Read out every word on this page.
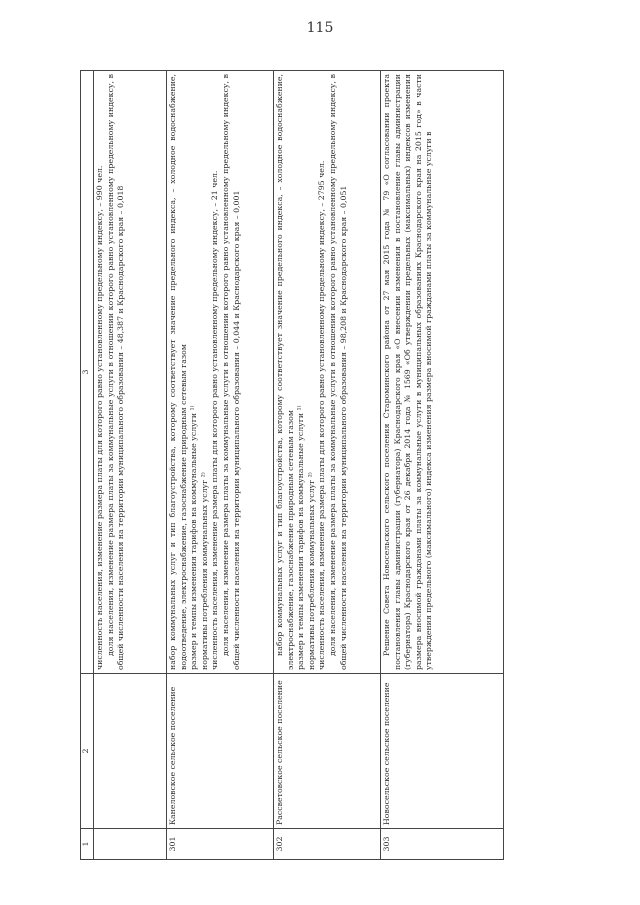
115
1	2	3

		численность населения, изменение размера платы для которого равно установленному предельному индексу, – 990 чел. доля населения, изменение размера платы за коммунальные услуги в отношении которого равно установленному предельному индексу, в общей численности населения на территории муниципального образования – 48,387 и Краснодарского края – 0,018

301	Канеловское сельское поселение	набор коммунальных услуг и тип благоустройства, которому соответствует значение предельного индекса, – холодное водоснабжение, водоотведение, электроснабжение, газоснабжение природным сетевым газом размер и темпы изменения тарифов на коммунальные услуги ¹⁾ нормативы потребления коммунальных услуг ²⁾ численность населения, изменение размера платы для которого равно установленному предельному индексу, – 21 чел. доля населения, изменение размера платы за коммунальные услуги в отношении которого равно установленному предельному индексу, в общей численности населения на территории муниципального образования – 0,044 и Краснодарского края – 0,001

302	Рассветовское сельское поселение	набор коммунальных услуг и тип благоустройства, которому соответствует значение предельного индекса, – холодное водоснабжение, электроснабжение, газоснабжение природным сетевым газом размер и темпы изменения тарифов на коммунальные услуги ¹⁾ нормативы потребления коммунальных услуг ²⁾ численность населения, изменение размера платы для которого равно установленному предельному индексу, – 2795 чел. доля населения, изменение размера платы за коммунальные услуги в отношении которого равно установленному предельному индексу, в общей численности населения на территории муниципального образования – 98,208 и Краснодарского края – 0,051

303	Новосельское сельское поселение	Решение Совета Новосельского сельского поселения Староминского района от 27 мая 2015 года № 79 «О согласовании проекта постановления главы администрации (губернатора) Краснодарского края «О внесении изменения в постановление главы администрации (губернатора) Краснодарского края от 26 декабря 2014 года № 1569 «Об утверждении предельных (максимальных) индексов изменения размера вносимой гражданами платы за коммунальные услуги в муниципальных образованиях Краснодарского края на 2015 год» в части утверждения предельного (максимального) индекса изменения размера вносимой гражданами платы за коммунальные услуги в
